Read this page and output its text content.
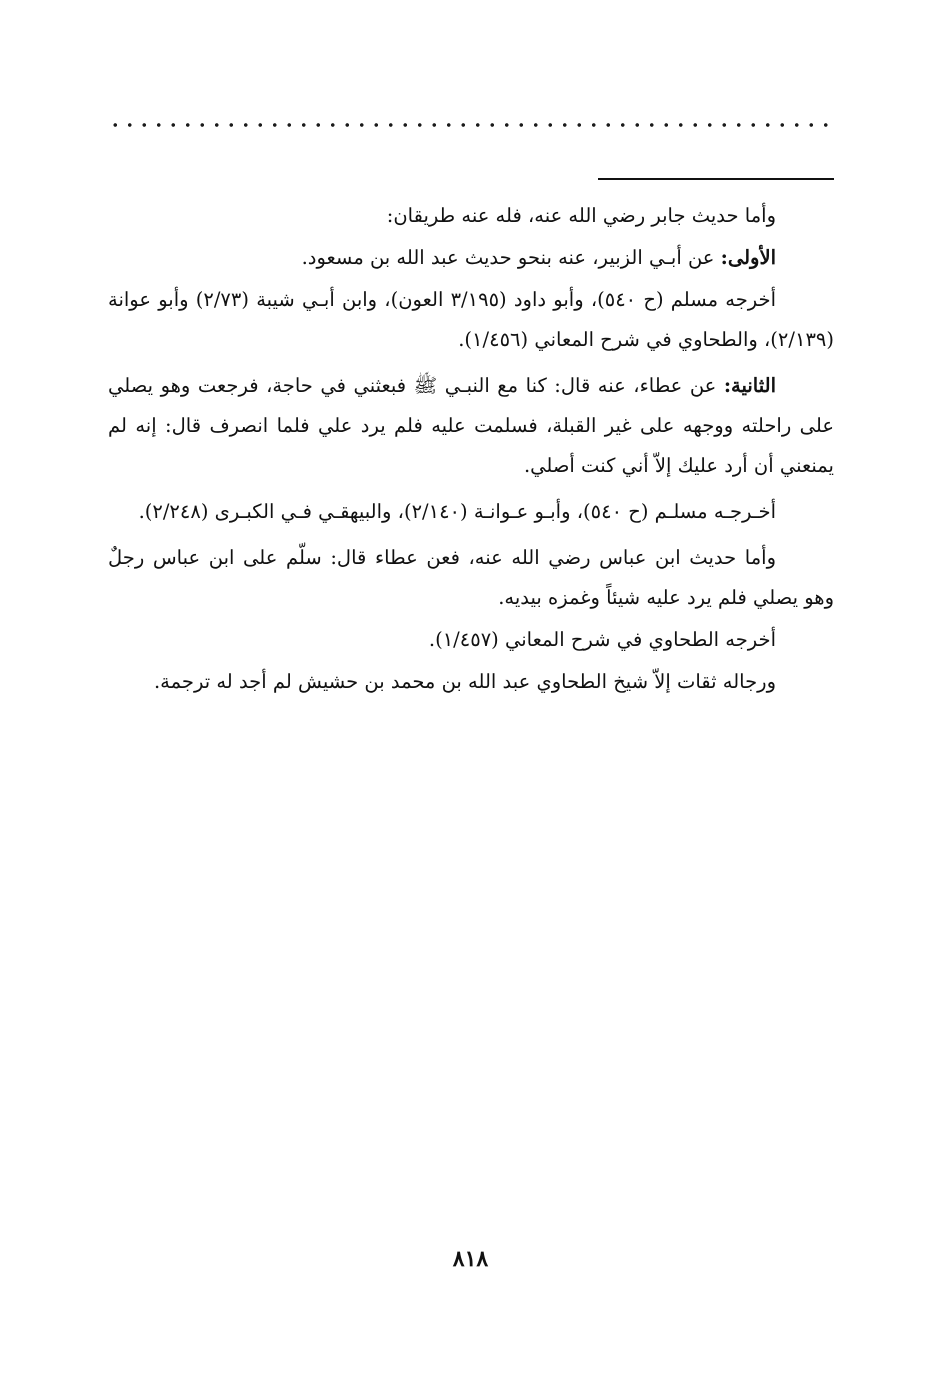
وأما حديث جابر رضي الله عنه، فله عنه طريقان:

الأولى: عن أبـي الزبير، عنه بنحو حديث عبد الله بن مسعود.

أخرجه مسلم (ح ٥٤٠)، وأبو داود (٣/١٩٥ العون)، وابن أبـي شيبة (٢/٧٣) وأبو عوانة (٢/١٣٩)، والطحاوي في شرح المعاني (١/٤٥٦).

الثانية: عن عطاء، عنه قال: كنا مع النبـي ﷺ فبعثني في حاجة، فرجعت وهو يصلي على راحلته ووجهه على غير القبلة، فسلمت عليه فلم يرد علي فلما انصرف قال: إنه لم يمنعني أن أرد عليك إلاّ أني كنت أصلي.

أخـرجـه مسلـم (ح ٥٤٠)، وأبـو عـوانـة (٢/١٤٠)، والبيهقـي فـي الكبـرى (٢/٢٤٨).

وأما حديث ابن عباس رضي الله عنه، فعن عطاء قال: سلّم على ابن عباس رجلٌ وهو يصلي فلم يرد عليه شيئاً وغمزه بيديه.

أخرجه الطحاوي في شرح المعاني (١/٤٥٧).

ورجاله ثقات إلاّ شيخ الطحاوي عبد الله بن محمد بن حشيش لم أجد له ترجمة.

٨١٨
